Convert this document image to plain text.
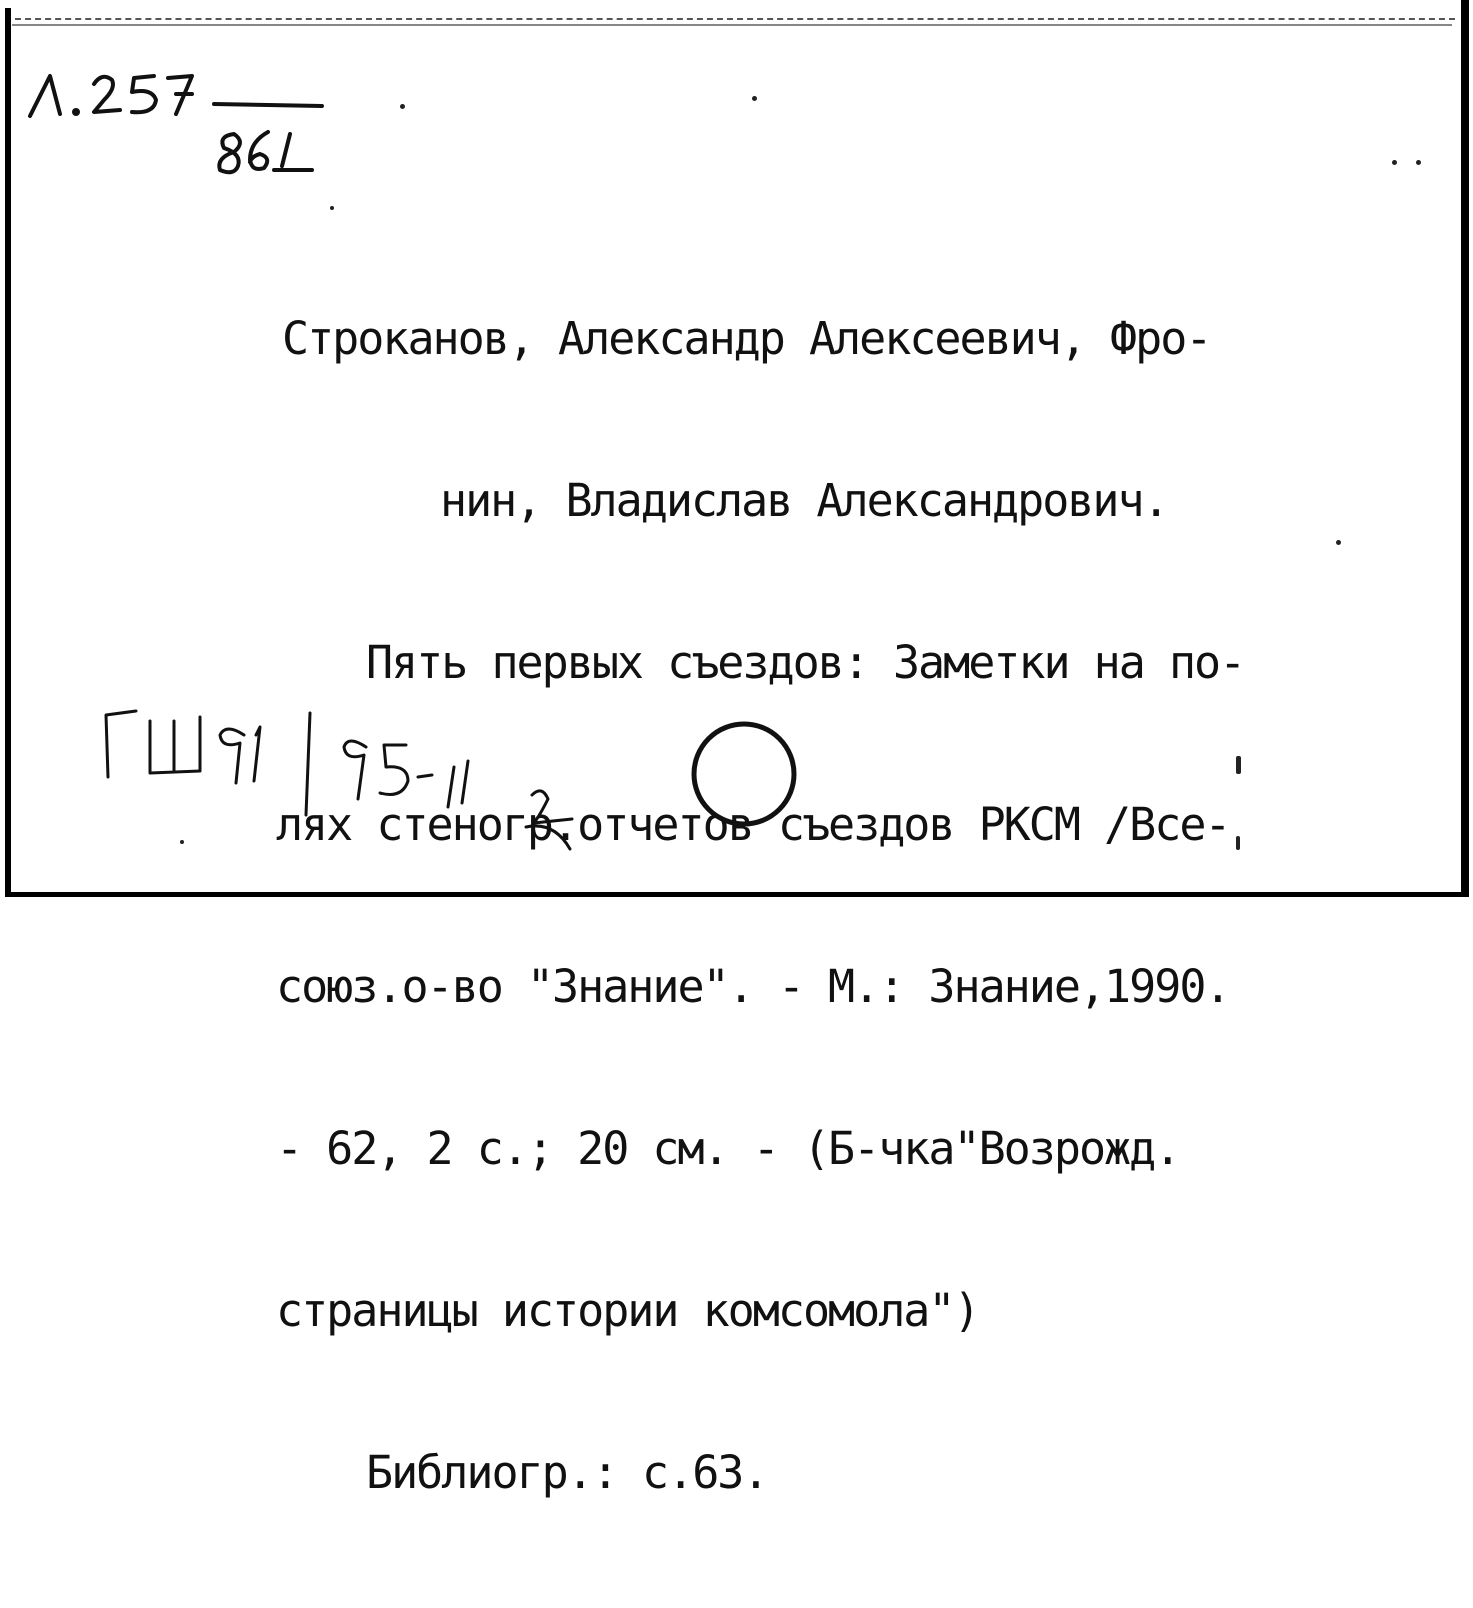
Строканов, Александр Алексеевич, Фро-

нин, Владислав Александрович.

Пять первых съездов: Заметки на по-

лях стеногр.отчетов съездов РКСМ /Все-

союз.о-во "Знание". - М.: Знание,1990.

- 62, 2 с.; 20 см. - (Б-чка"Возрожд.

страницы истории комсомола")

Библиогр.: с.63.
